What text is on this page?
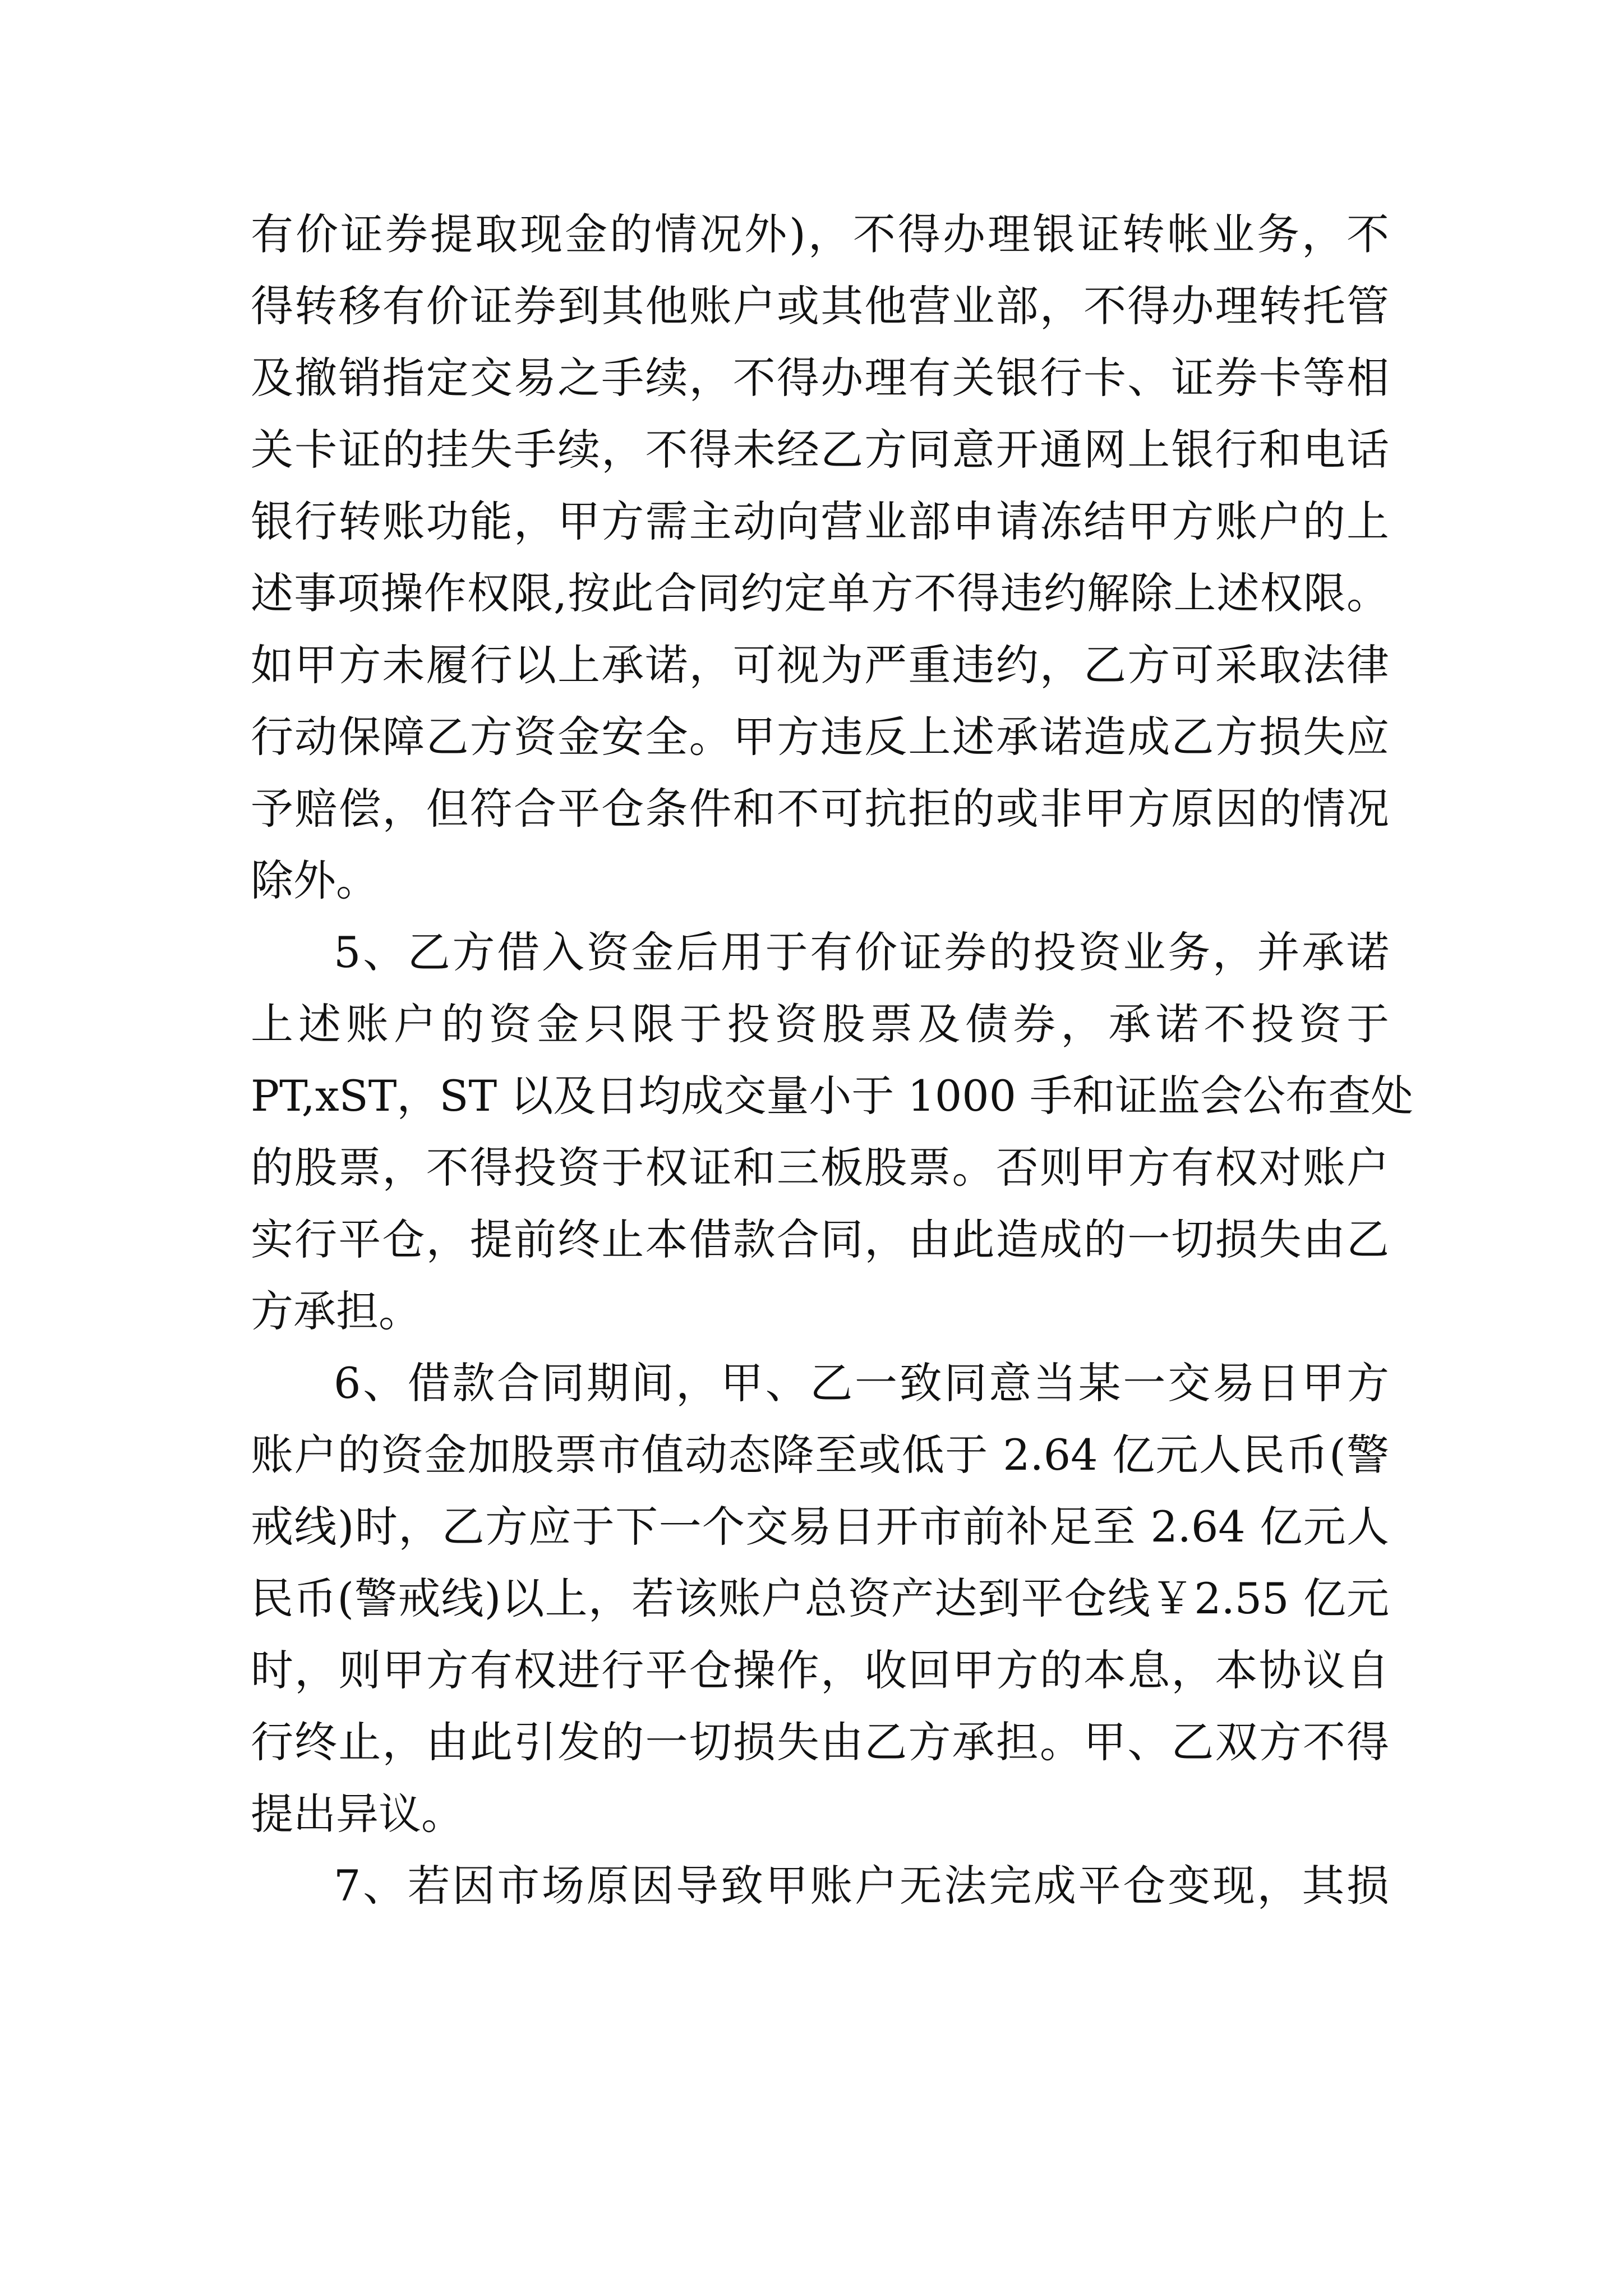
有价证券提取现金的情况外)，不得办理银证转帐业务，不
得转移有价证券到其他账户或其他营业部，不得办理转托管
及撤销指定交易之手续，不得办理有关银行卡、证券卡等相
关卡证的挂失手续，不得未经乙方同意开通网上银行和电话
银行转账功能，甲方需主动向营业部申请冻结甲方账户的上
述事项操作权限,按此合同约定单方不得违约解除上述权限。
如甲方未履行以上承诺，可视为严重违约，乙方可采取法律
行动保障乙方资金安全。甲方违反上述承诺造成乙方损失应
予赔偿，但符合平仓条件和不可抗拒的或非甲方原因的情况
除外。
5、乙方借入资金后用于有价证券的投资业务，并承诺
上述账户的资金只限于投资股票及债券，承诺不投资于
PT,xST，ST 以及日均成交量小于 1000 手和证监会公布查处
的股票，不得投资于权证和三板股票。否则甲方有权对账户
实行平仓，提前终止本借款合同，由此造成的一切损失由乙
方承担。
6、借款合同期间，甲、乙一致同意当某一交易日甲方
账户的资金加股票市值动态降至或低于 2.64 亿元人民币(警
戒线)时，乙方应于下一个交易日开市前补足至 2.64 亿元人
民币(警戒线)以上，若该账户总资产达到平仓线￥2.55 亿元
时，则甲方有权进行平仓操作，收回甲方的本息，本协议自
行终止，由此引发的一切损失由乙方承担。甲、乙双方不得
提出异议。
7、若因市场原因导致甲账户无法完成平仓变现，其损
